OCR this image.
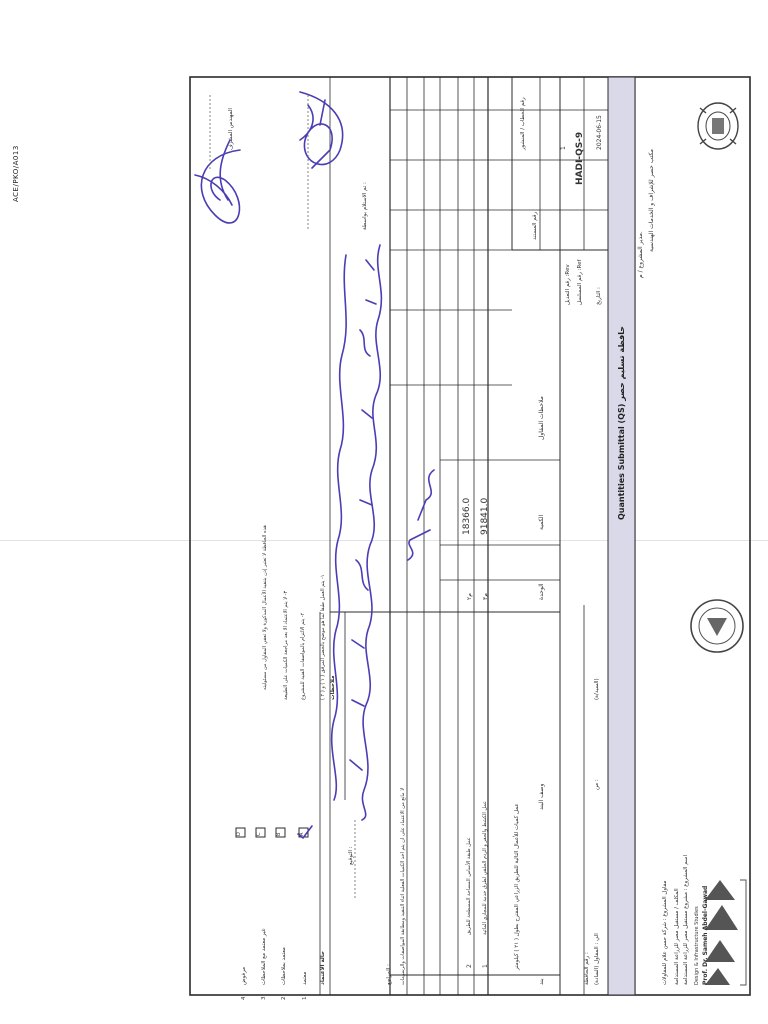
ACE/PKO/A013
Quantities Submittal (QS) حافظة تسليم حصر
مكتب حصر للإشراف و الخدمات الهندسية
مدير المشروع / م.
Prof. Dr. Sameh Abdel-Gawad
Design & Infrastructure Studies
اسم المشروع : مشروع مستقبل مصر للزراعة المستدامة
المكلف / مستقبل مصر للزراعة المستدامة
مقاول المشروع : شركة حسن علام للمقاولات
الي : المقاول (السادة)
رقم الحافظة :
من :
(السيد/ة)
التاريخ :
2024-06-15
رقم المسلسل :Ref
HADI-QS-9
رقم التعديل :Rev
1
بند
وصف البند
الوحدة
الكمية
ملاحظات المقاول
رقم المستند
رقم الخطاب / المنشور
عمل كميات للأعمال التالية للطريق الزراعي المقترح بطول ( ٢١ ) كيلومتر
1
عمل الكشط والحفر و الردم الحلقي لطرق خدمة للمجاري المائية
م٣
91841.0
2
عمل طبقة الأساس المساحة المسطحة للطريق
م٢
18366.0
لا مانع من الاعتماد على ان يتم اخذ الكميات الفعلية اثناء التنفيذ ومطابقة المواصفات والرسومات
حالة الاعتماد
معتمد
معتمد بملاحظات
غير معتمد مع الملاحظات
مرفوض
1
2
3
4
A
B
C
D
المراجع :
التوقيع :
ملاحظات
١- يتم العمل طبقا لما هو موضح بالحصر المرفق ( ١ ) و ( ٢ )
٢- يتم الالتزام بالمواصفات الفنية للمشروع
٣- لا يتم الاعتماد الا بعد مراجعة الكميات على الطبيعة
هذه الحافظة لا تعتبر إذن بتنفيذ الأعمال المذكورة ولا تعفي المقاول من مسئوليته
تم الاستلام بواسطة :
المهندس المشرف
